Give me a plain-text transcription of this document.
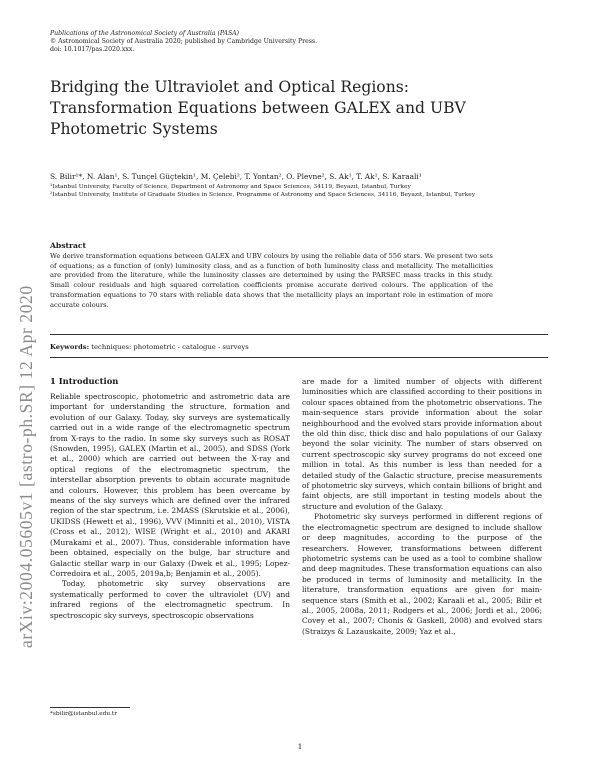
Publications of the Astronomical Society of Australia (PASA)
© Astronomical Society of Australia 2020; published by Cambridge University Press.
doi: 10.1017/pas.2020.xxx.
Bridging the Ultraviolet and Optical Regions: Transformation Equations between GALEX and UBV Photometric Systems
arXiv:2004.05605v1 [astro-ph.SR] 12 Apr 2020
S. Bilir¹*, N. Alan¹, S. Tunçel Güçtekin¹, M. Çelebi², T. Yontan², O. Plevne², S. Ak¹, T. Ak¹, S. Karaali¹

¹Istanbul University, Faculty of Science, Department of Astronomy and Space Sciences, 34119, Beyazıt, Istanbul, Turkey

²Istanbul University, Institute of Graduate Studies in Science, Programme of Astronomy and Space Sciences, 34116, Beyazıt, Istanbul, Turkey

Abstract
We derive transformation equations between GALEX and UBV colours by using the reliable data of 556 stars. We present two sets of equations; as a function of (only) luminosity class, and as a function of both luminosity class and metallicity. The metallicities are provided from the literature, while the luminosity classes are determined by using the PARSEC mass tracks in this study. Small colour residuals and high squared correlation coefficients promise accurate derived colours. The application of the transformation equations to 70 stars with reliable data shows that the metallicity plays an important role in estimation of more accurate colours.
Keywords: techniques: photometric - catalogue - surveys
1 Introduction

Reliable spectroscopic, photometric and astrometric data are important for understanding the structure, formation and evolution of our Galaxy. Today, sky surveys are systematically carried out in a wide range of the electromagnetic spectrum from X-rays to the radio. In some sky surveys such as ROSAT (Snowden, 1995), GALEX (Martin et al., 2005), and SDSS (York et al., 2000) which are carried out between the X-ray and optical regions of the electromagnetic spectrum, the interstellar absorption prevents to obtain accurate magnitude and colours. However, this problem has been overcame by means of the sky surveys which are defined over the infrared region of the star spectrum, i.e. 2MASS (Skrutskie et al., 2006), UKIDSS (Hewett et al., 1996), VVV (Minniti et al., 2010), VISTA (Cross et al., 2012), WISE (Wright et al., 2010) and AKARI (Murakami et al., 2007). Thus, considerable information have been obtained, especially on the bulge, bar structure and Galactic stellar warp in our Galaxy (Dwek et al., 1995; Lopez-Corredoira et al., 2005, 2019a,b; Benjamin et al., 2005).

Today, photometric sky survey observations are systematically performed to cover the ultraviolet (UV) and infrared regions of the electromagnetic spectrum. In spectroscopic sky surveys, spectroscopic observations

are made for a limited number of objects with different luminosities which are classified according to their positions in colour spaces obtained from the photometric observations. The main-sequence stars provide information about the solar neighbourhood and the evolved stars provide information about the old thin disc, thick disc and halo populations of our Galaxy beyond the solar vicinity. The number of stars observed on current spectroscopic sky survey programs do not exceed one million in total. As this number is less than needed for a detailed study of the Galactic structure, precise measurements of photometric sky surveys, which contain billions of bright and faint objects, are still important in testing models about the structure and evolution of the Galaxy.

Photometric sky surveys performed in different regions of the electromagnetic spectrum are designed to include shallow or deep magnitudes, according to the purpose of the researchers. However, transformations between different photometric systems can be used as a tool to combine shallow and deep magnitudes. These transformation equations can also be produced in terms of luminosity and metallicity. In the literature, transformation equations are given for main-sequence stars (Smith et al., 2002; Karaali et al., 2005; Bilir et al., 2005, 2008a, 2011; Rodgers et al., 2006; Jordi et al., 2006; Covey et al., 2007; Chonis & Gaskell, 2008) and evolved stars (Straizys & Lazauskaite, 2009; Yaz et al.,

*sbilir@istanbul.edu.tr
1
